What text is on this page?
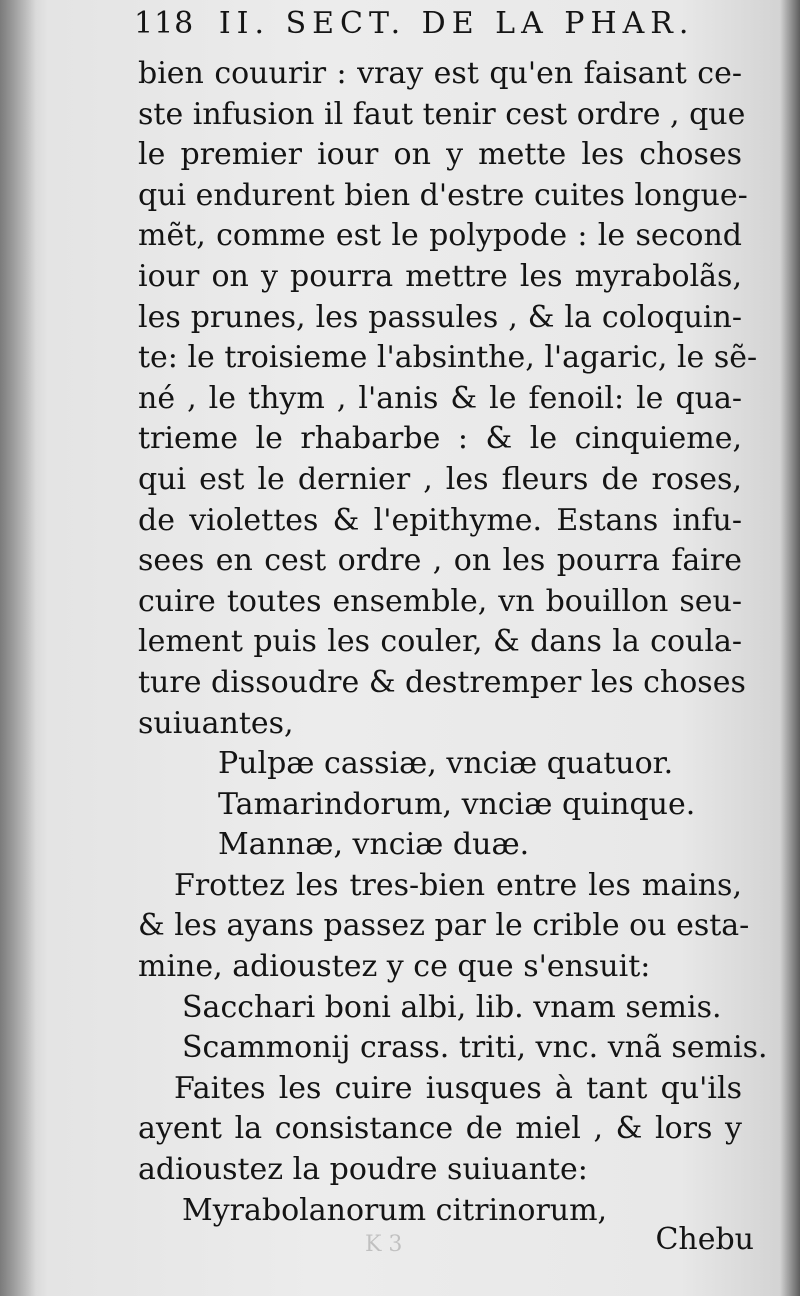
118 II. SECT. DE LA PHAR.
bien couurir : vray est qu'en faisant ce-
ste infusion il faut tenir cest ordre , que
le premier iour on y mette les choses
qui endurent bien d'estre cuites longue-
mẽt, comme est le polypode : le second
iour on y pourra mettre les myrabolãs,
les prunes, les passules , & la coloquin-
te: le troisieme l'absinthe, l'agaric, le sẽ-
né , le thym , l'anis & le fenoil: le qua-
trieme le rhabarbe : & le cinquieme,
qui est le dernier , les fleurs de roses,
de violettes & l'epithyme. Estans infu-
sees en cest ordre , on les pourra faire
cuire toutes ensemble, vn bouillon seu-
lement puis les couler, & dans la coula-
ture dissoudre & destremper les choses
suiuantes,
Pulpæ cassiæ, vnciæ quatuor.
Tamarindorum, vnciæ quinque.
Mannæ, vnciæ duæ.
Frottez les tres-bien entre les mains,
& les ayans passez par le crible ou esta-
mine, adioustez y ce que s'ensuit:
Sacchari boni albi, lib. vnam semis.
Scammonij crass. triti, vnc. vnã semis.
Faites les cuire iusques à tant qu'ils
ayent la consistance de miel , & lors y
adioustez la poudre suiuante:
Myrabolanorum citrinorum,
K 3	Chebu
